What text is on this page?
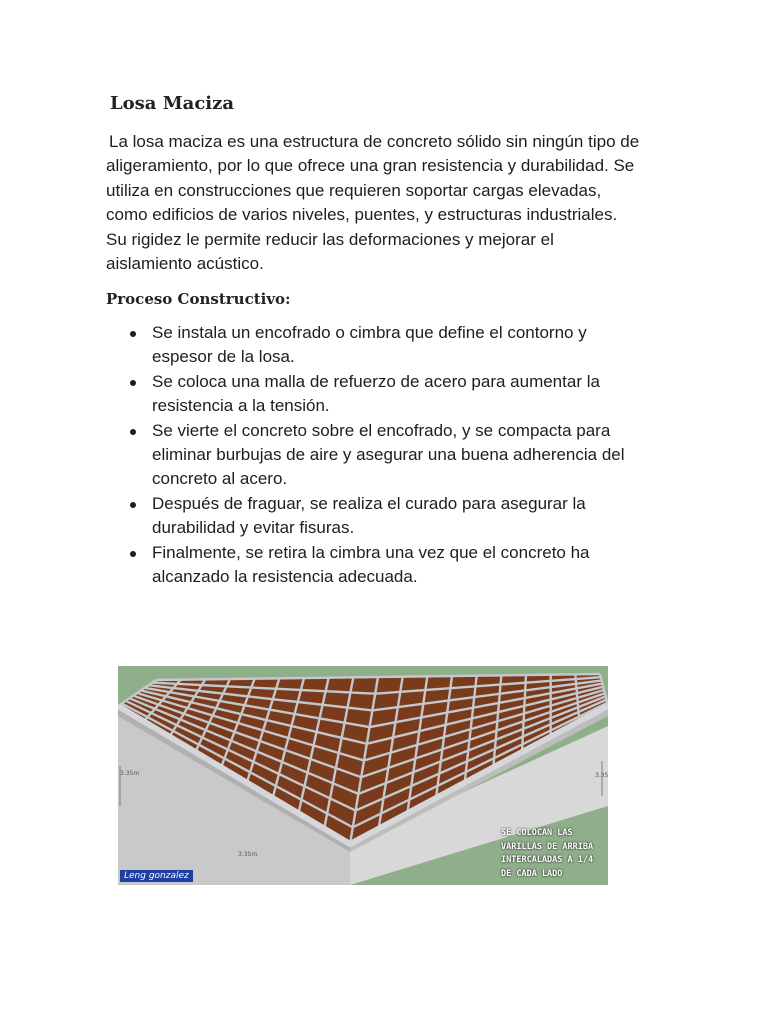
Losa Maciza

La losa maciza es una estructura de concreto sólido sin ningún tipo de
aligeramiento, por lo que ofrece una gran resistencia y durabilidad. Se
utiliza en construcciones que requieren soportar cargas elevadas,
como edificios de varios niveles, puentes, y estructuras industriales.
Su rigidez le permite reducir las deformaciones y mejorar el
aislamiento acústico.

Proceso Constructivo:
Se instala un encofrado o cimbra que define el contorno y
espesor de la losa.
Se coloca una malla de refuerzo de acero para aumentar la
resistencia a la tensión.
Se vierte el concreto sobre el encofrado, y se compacta para
eliminar burbujas de aire y asegurar una buena adherencia del
concreto al acero.
Después de fraguar, se realiza el curado para asegurar la
durabilidad y evitar fisuras.
Finalmente, se retira la cimbra una vez que el concreto ha
alcanzado la resistencia adecuada.
3.35m	3.35
3.35m
SE COLOCAN LAS
VARILLAS DE ARRIBA
INTERCALADAS A 1/4
DE CADA LADO
Leng gonzalez
